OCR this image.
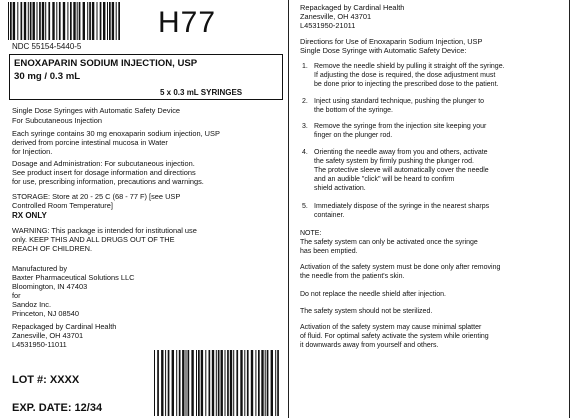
NDC 55154-5440-5
H77
ENOXAPARIN SODIUM INJECTION, USP
30 mg / 0.3 mL
5 x 0.3 mL SYRINGES
Single Dose Syringes with Automatic Safety Device
For Subcutaneous Injection
Each syringe contains 30 mg enoxaparin sodium injection, USP
derived from porcine intestinal mucosa in Water
for Injection.
Dosage and Administration: For subcutaneous injection.
See product insert for dosage information and directions
for use, prescribing information, precautions and warnings.
STORAGE: Store at 20 - 25 C (68 - 77 F) [see USP
Controlled Room Temperature]
RX ONLY
WARNING: This package is intended for institutional use
only. KEEP THIS AND ALL DRUGS OUT OF THE
REACH OF CHILDREN.
Manufactured by
Baxter Pharmaceutical Solutions LLC
Bloomington, IN 47403
for
Sandoz Inc.
Princeton, NJ 08540
Repackaged by Cardinal Health
Zanesville, OH 43701
L4531950-11011
LOT #: XXXX
EXP. DATE: 12/34
Repackaged by Cardinal Health
Zanesville, OH 43701
L4531950-21011
Directions for Use of Enoxaparin Sodium Injection, USP
Single Dose Syringe with Automatic Safety Device:
1. Remove the needle shield by pulling it straight off the syringe.
If adjusting the dose is required, the dose adjustment must
be done prior to injecting the prescribed dose to the patient.
2. Inject using standard technique, pushing the plunger to
the bottom of the syringe.
3. Remove the syringe from the injection site keeping your
finger on the plunger rod.
4. Orienting the needle away from you and others, activate
the safety system by firmly pushing the plunger rod.
The protective sleeve will automatically cover the needle
and an audible "click" will be heard to confirm
shield activation.
5. Immediately dispose of the syringe in the nearest sharps
container.
NOTE:
The safety system can only be activated once the syringe
has been emptied.
Activation of the safety system must be done only after removing
the needle from the patient's skin.
Do not replace the needle shield after injection.
The safety system should not be sterilized.
Activation of the safety system may cause minimal splatter
of fluid. For optimal safety activate the system while orienting
it downwards away from yourself and others.
